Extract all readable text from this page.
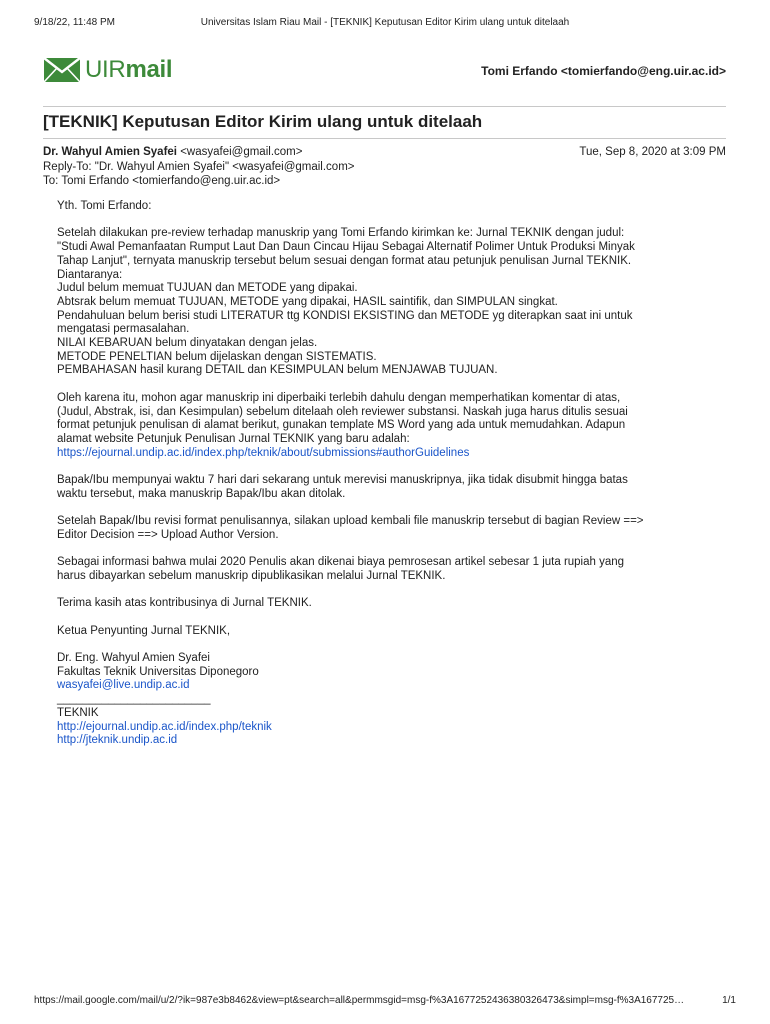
9/18/22, 11:48 PM	Universitas Islam Riau Mail - [TEKNIK] Keputusan Editor Kirim ulang untuk ditelaah
UIRmail	Tomi Erfando <tomierfando@eng.uir.ac.id>
[TEKNIK] Keputusan Editor Kirim ulang untuk ditelaah
Dr. Wahyul Amien Syafei <wasyafei@gmail.com>	Tue, Sep 8, 2020 at 3:09 PM
Reply-To: "Dr. Wahyul Amien Syafei" <wasyafei@gmail.com>
To: Tomi Erfando <tomierfando@eng.uir.ac.id>

Yth. Tomi Erfando:

Setelah dilakukan pre-review terhadap manuskrip yang Tomi Erfando kirimkan ke: Jurnal TEKNIK dengan judul:
"Studi Awal Pemanfaatan Rumput Laut Dan Daun Cincau Hijau Sebagai Alternatif Polimer Untuk Produksi Minyak
Tahap Lanjut", ternyata manuskrip tersebut belum sesuai dengan format atau petunjuk penulisan Jurnal TEKNIK.
Diantaranya:
Judul belum memuat TUJUAN dan METODE yang dipakai.
Abtsrak belum memuat TUJUAN, METODE yang dipakai, HASIL saintifik, dan SIMPULAN singkat.
Pendahuluan belum berisi studi LITERATUR ttg KONDISI EKSISTING dan METODE yg diterapkan saat ini untuk
mengatasi permasalahan.
NILAI KEBARUAN belum dinyatakan dengan jelas.
METODE PENELTIAN belum dijelaskan dengan SISTEMATIS.
PEMBAHASAN hasil kurang DETAIL dan KESIMPULAN belum MENJAWAB TUJUAN.

Oleh karena itu, mohon agar manuskrip ini diperbaiki terlebih dahulu dengan memperhatikan komentar di atas,
(Judul, Abstrak, isi, dan Kesimpulan) sebelum ditelaah oleh reviewer substansi. Naskah juga harus ditulis sesuai
format petunjuk penulisan di alamat berikut, gunakan template MS Word yang ada untuk memudahkan. Adapun
alamat website Petunjuk Penulisan Jurnal TEKNIK yang baru adalah:
https://ejournal.undip.ac.id/index.php/teknik/about/submissions#authorGuidelines

Bapak/Ibu mempunyai waktu 7 hari dari sekarang untuk merevisi manuskripnya, jika tidak disubmit hingga batas
waktu tersebut, maka manuskrip Bapak/Ibu akan ditolak.

Setelah Bapak/Ibu revisi format penulisannya, silakan upload kembali file manuskrip tersebut di bagian Review ==>
Editor Decision ==> Upload Author Version.

Sebagai informasi bahwa mulai 2020 Penulis akan dikenai biaya pemrosesan artikel sebesar 1 juta rupiah yang
harus dibayarkan sebelum manuskrip dipublikasikan melalui Jurnal TEKNIK.

Terima kasih atas kontribusinya di Jurnal TEKNIK.

Ketua Penyunting Jurnal TEKNIK,

Dr. Eng. Wahyul Amien Syafei
Fakultas Teknik Universitas Diponegoro
wasyafei@live.undip.ac.id
________________________
TEKNIK
http://ejournal.undip.ac.id/index.php/teknik
http://jteknik.undip.ac.id
https://mail.google.com/mail/u/2/?ik=987e3b8462&view=pt&search=all&permmsgid=msg-f%3A1677252436380326473&simpl=msg-f%3A167725…	1/1
